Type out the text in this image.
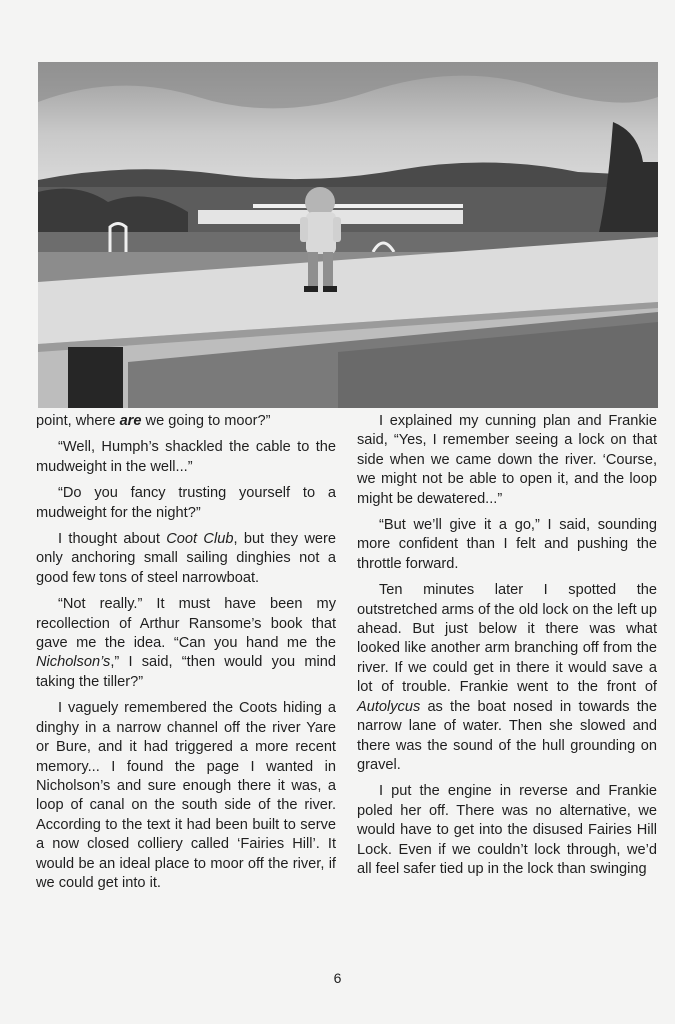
point, where are we going to moor?”

“Well, Humph’s shackled the cable to the mudweight in the well...”

“Do you fancy trusting yourself to a mudweight for the night?”

I thought about Coot Club, but they were only anchoring small sailing dinghies not a good few tons of steel narrowboat.

“Not really.” It must have been my recollection of Arthur Ransome’s book that gave me the idea. “Can you hand me the Nicholson’s,” I said, “then would you mind taking the tiller?”

I vaguely remembered the Coots hiding a dinghy in a narrow channel off the river Yare or Bure, and it had triggered a more recent memory... I found the page I wanted in Nicholson’s and sure enough there it was, a loop of canal on the south side of the river. According to the text it had been built to serve a now closed colliery called ‘Fairies Hill’. It would be an ideal place to moor off the river, if we could get into it.

I explained my cunning plan and Frankie said, “Yes, I remember seeing a lock on that side when we came down the river. ‘Course, we might not be able to open it, and the loop might be dewatered...”

“But we’ll give it a go,” I said, sounding more confident than I felt and pushing the throttle forward.

Ten minutes later I spotted the outstretched arms of the old lock on the left up ahead. But just below it there was what looked like another arm branching off from the river. If we could get in there it would save a lot of trouble. Frankie went to the front of Autolycus as the boat nosed in towards the narrow lane of water. Then she slowed and there was the sound of the hull grounding on gravel.

I put the engine in reverse and Frankie poled her off. There was no alternative, we would have to get into the disused Fairies Hill Lock. Even if we couldn’t lock through, we’d all feel safer tied up in the lock than swinging

6
